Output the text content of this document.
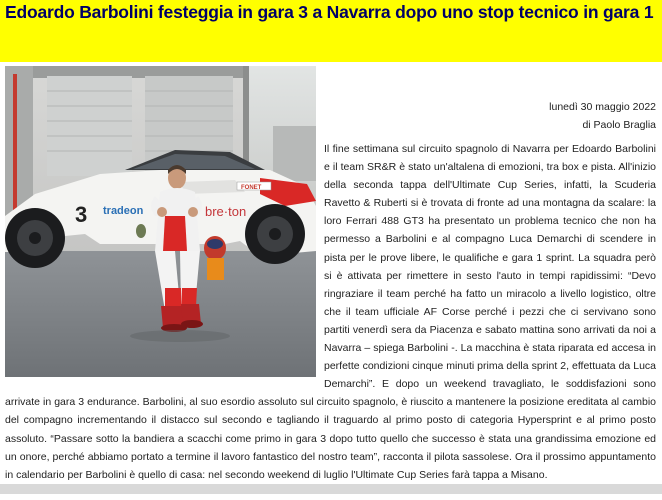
Edoardo Barbolini festeggia in gara 3 a Navarra dopo uno stop tecnico in gara 1
3 tradeon	bre·ton
FONET
lunedì 30 maggio 2022
di Paolo Braglia

Il fine settimana sul circuito spagnolo di Navarra per Edoardo Barbolini e il team SR&R è stato un'altalena di emozioni, tra box e pista. All'inizio della seconda tappa dell'Ultimate Cup Series, infatti, la Scuderia Ravetto & Ruberti si è trovata di fronte ad una montagna da scalare: la loro Ferrari 488 GT3 ha presentato un problema tecnico che non ha permesso a Barbolini e al compagno Luca Demarchi di scendere in pista per le prove libere, le qualifiche e gara 1 sprint. La squadra però si è attivata per rimettere in sesto l'auto in tempi rapidissimi: “Devo ringraziare il team perché ha fatto un miracolo a livello logistico, oltre che il team ufficiale AF Corse perché i pezzi che ci servivano sono partiti venerdì sera da Piacenza e sabato mattina sono arrivati da noi a Navarra – spiega Barbolini -. La macchina è stata riparata ed accesa in perfette condizioni cinque minuti prima della sprint 2, effettuata da Luca Demarchi”. E dopo un weekend travagliato, le soddisfazioni sono arrivate in gara 3 endurance. Barbolini, al suo esordio assoluto sul circuito spagnolo, è riuscito a mantenere la posizione ereditata al cambio del compagno incrementando il distacco sul secondo e tagliando il traguardo al primo posto di categoria Hypersprint e al primo posto assoluto. “Passare sotto la bandiera a scacchi come primo in gara 3 dopo tutto quello che successo è stata una grandissima emozione ed un onore, perché abbiamo portato a termine il lavoro fantastico del nostro team”, racconta il pilota sassolese. Ora il prossimo appuntamento in calendario per Barbolini è quello di casa: nel secondo weekend di luglio l'Ultimate Cup Series farà tappa a Misano.
